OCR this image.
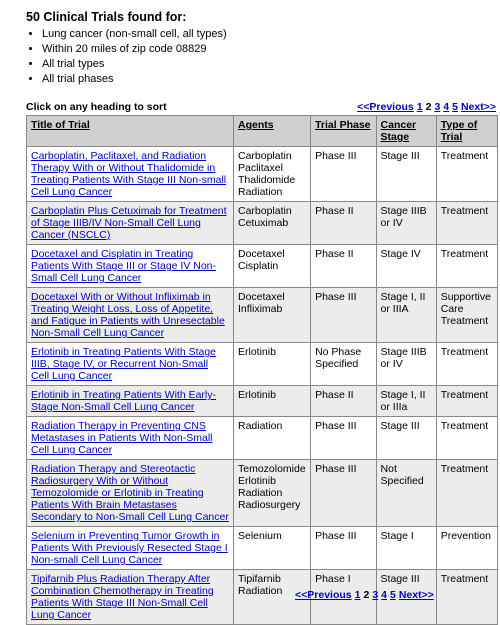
50 Clinical Trials found for:
• Lung cancer (non-small cell, all types)
• Within 20 miles of zip code 08829
• All trial types
• All trial phases
Click on any heading to sort	<<Previous 1 2 3 4 5 Next>>
Title of Trial	Agents	Trial Phase	Cancer Stage	Type of Trial
Carboplatin, Paclitaxel, and Radiation Therapy With or Without Thalidomide in Treating Patients With Stage III Non-small Cell Lung Cancer	Carboplatin
Paclitaxel
Thalidomide
Radiation	Phase III	Stage III	Treatment
Carboplatin Plus Cetuximab for Treatment of Stage IIIB/IV Non-Small Cell Lung Cancer (NSCLC)	Carboplatin
Cetuximab	Phase II	Stage IIIB or IV	Treatment
Docetaxel and Cisplatin in Treating Patients With Stage III or Stage IV Non-Small Cell Lung Cancer	Docetaxel
Cisplatin	Phase II	Stage IV	Treatment
Docetaxel With or Without Infliximab in Treating Weight Loss, Loss of Appetite, and Fatigue in Patients with Unresectable Non-Small Cell Lung Cancer	Docetaxel
Infliximab	Phase III	Stage I, II or IIIA	Supportive Care Treatment
Erlotinib in Treating Patients With Stage IIIB, Stage IV, or Recurrent Non-Small Cell Lung Cancer	Erlotinib	No Phase Specified	Stage IIIB or IV	Treatment
Erlotinib in Treating Patients With Early-Stage Non-Small Cell Lung Cancer	Erlotinib	Phase II	Stage I, II or IIIa	Treatment
Radiation Therapy in Preventing CNS Metastases in Patients With Non-Small Cell Lung Cancer	Radiation	Phase III	Stage III	Treatment
Radiation Therapy and Stereotactic Radiosurgery With or Without Temozolomide or Erlotinib in Treating Patients With Brain Metastases Secondary to Non-Small Cell Lung Cancer	Temozolomide
Erlotinib
Radiation
Radiosurgery	Phase III	Not Specified	Treatment
Selenium in Preventing Tumor Growth in Patients With Previously Resected Stage I Non-small Cell Lung Cancer	Selenium	Phase III	Stage I	Prevention
Tipifarnib Plus Radiation Therapy After Combination Chemotherapy in Treating Patients With Stage III Non-Small Cell Lung Cancer	Tipifarnib
Radiation	Phase I	Stage III	Treatment
<<Previous 1 2 3 4 5 Next>>
